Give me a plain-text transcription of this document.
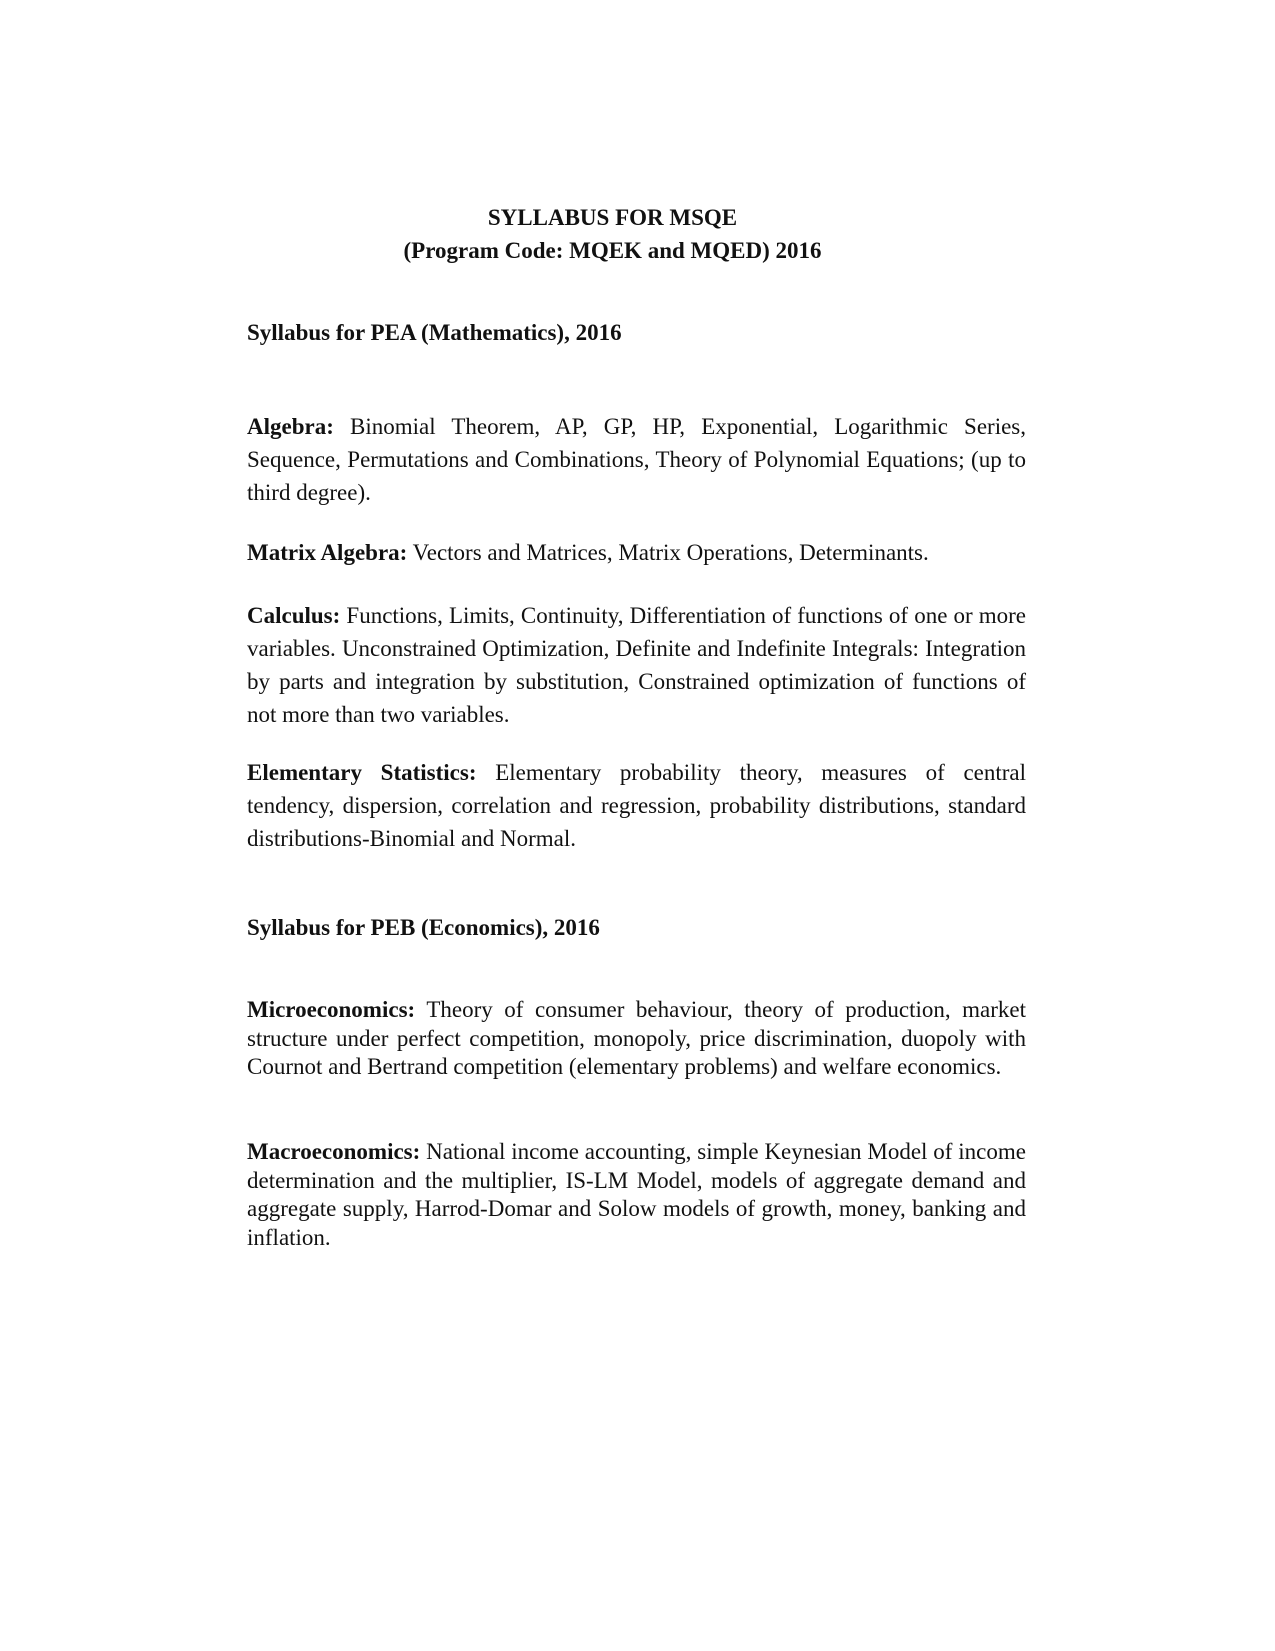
SYLLABUS FOR MSQE
(Program Code: MQEK and MQED) 2016
Syllabus for PEA (Mathematics), 2016

Algebra: Binomial Theorem, AP, GP, HP, Exponential, Logarithmic Series, Sequence, Permutations and Combinations, Theory of Polynomial Equations; (up to third degree).

Matrix Algebra: Vectors and Matrices, Matrix Operations, Determinants.

Calculus: Functions, Limits, Continuity, Differentiation of functions of one or more variables. Unconstrained Optimization, Definite and Indefinite Integrals: Integration by parts and integration by substitution, Constrained optimization of functions of not more than two variables.

Elementary Statistics: Elementary probability theory, measures of central tendency, dispersion, correlation and regression, probability distributions, standard distributions-Binomial and Normal.

Syllabus for PEB (Economics), 2016

Microeconomics: Theory of consumer behaviour, theory of production, market structure under perfect competition, monopoly, price discrimination, duopoly with Cournot and Bertrand competition (elementary problems) and welfare economics.

Macroeconomics: National income accounting, simple Keynesian Model of income determination and the multiplier, IS-LM Model, models of aggregate demand and aggregate supply, Harrod-Domar and Solow models of growth, money, banking and inflation.
